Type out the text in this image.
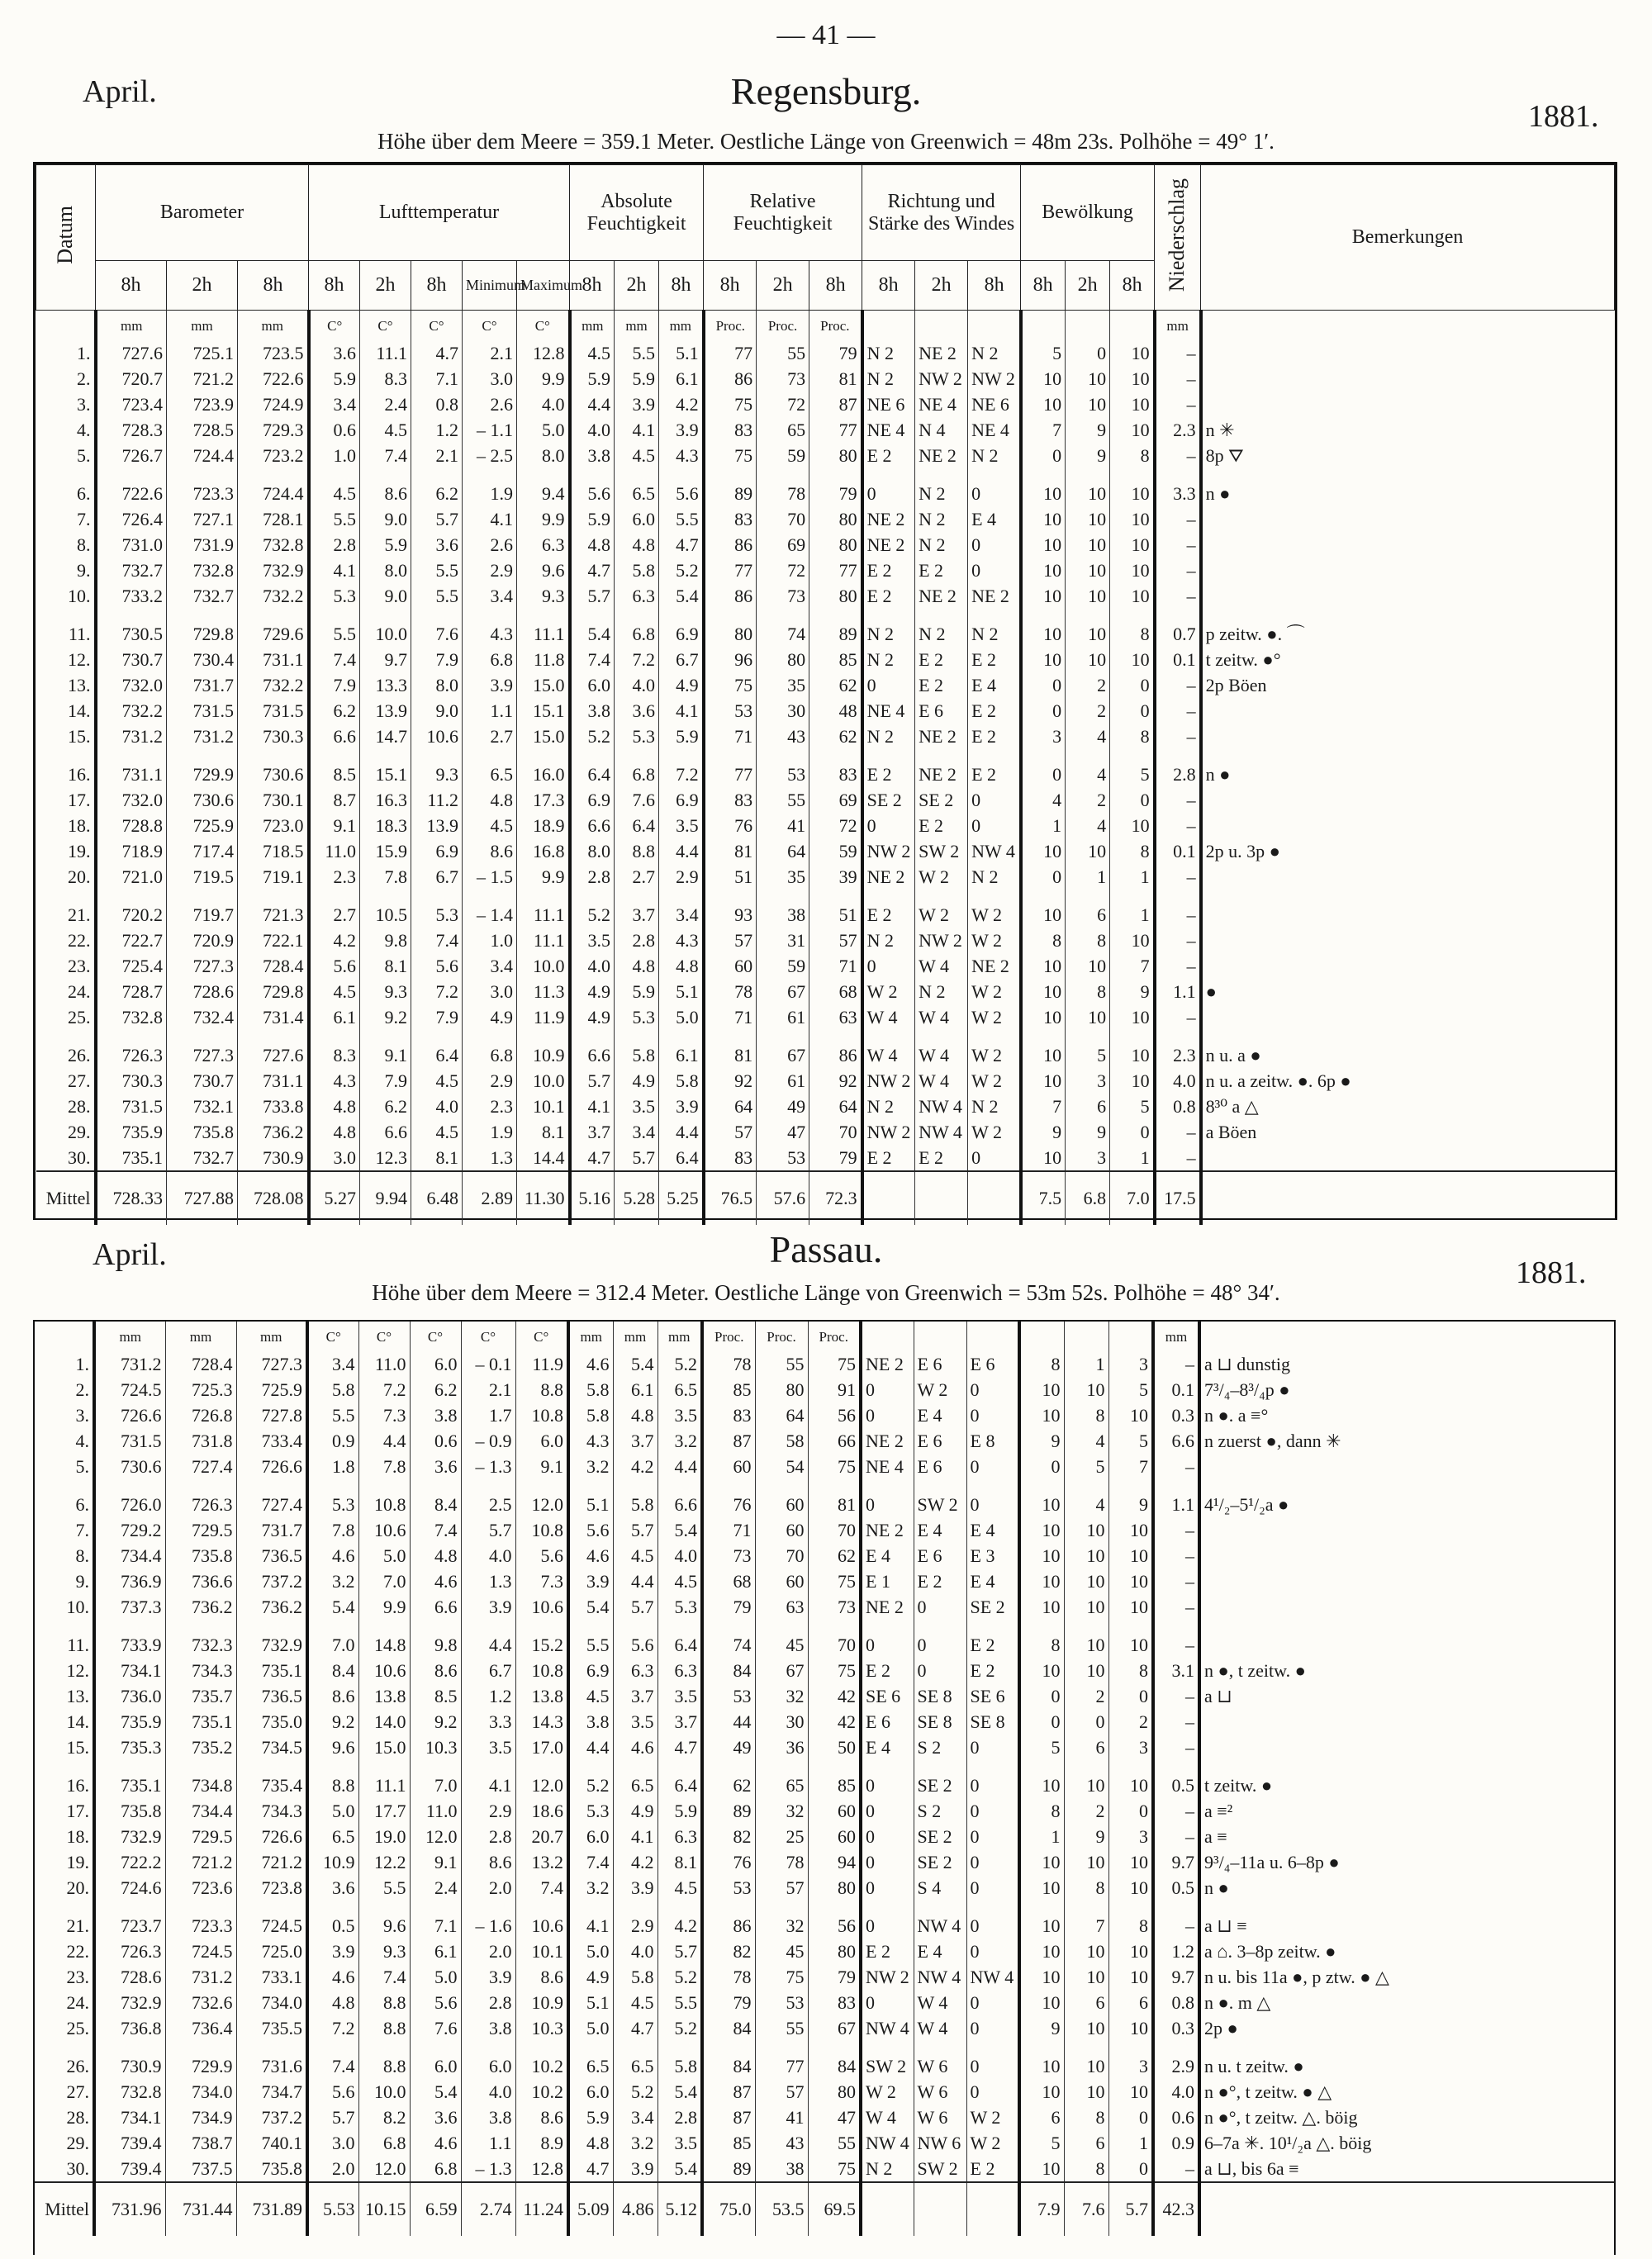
— 41 —
April.	Regensburg.
1881.
Höhe über dem Meere = 359.1 Meter. Oestliche Länge von Greenwich = 48m 23s. Polhöhe = 49° 1′.
Datum	Barometer			Lufttemperatur					Absolute Feuchtigkeit			Relative Feuchtigkeit			Richtung und Stärke des Windes			Bewölkung			Niederschlag	Bemerkungen
	8h	2h	8h	8h	2h	8h	Minimum	Maximum	8h	2h	8h	8h	2h	8h	8h	2h	8h	8h	2h	8h		
	mm	mm	mm	C°	C°	C°	C°	C°	mm	mm	mm	Proc.	Proc.	Proc.							mm	
1.	727.6	725.1	723.5	3.6	11.1	4.7	2.1	12.8	4.5	5.5	5.1	77	55	79	N 2	NE 2	N 2	5	0	10	–	
2.	720.7	721.2	722.6	5.9	8.3	7.1	3.0	9.9	5.9	5.9	6.1	86	73	81	N 2	NW 2	NW 2	10	10	10	–	
3.	723.4	723.9	724.9	3.4	2.4	0.8	2.6	4.0	4.4	3.9	4.2	75	72	87	NE 6	NE 4	NE 6	10	10	10	–	
4.	728.3	728.5	729.3	0.6	4.5	1.2	– 1.1	5.0	4.0	4.1	3.9	83	65	77	NE 4	N 4	NE 4	7	9	10	2.3	n ✳
5.	726.7	724.4	723.2	1.0	7.4	2.1	– 2.5	8.0	3.8	4.5	4.3	75	59	80	E 2	NE 2	N 2	0	9	8	–	8p ⛛

6.	722.6	723.3	724.4	4.5	8.6	6.2	1.9	9.4	5.6	6.5	5.6	89	78	79	0	N 2	0	10	10	10	3.3	n ●
7.	726.4	727.1	728.1	5.5	9.0	5.7	4.1	9.9	5.9	6.0	5.5	83	70	80	NE 2	N 2	E 4	10	10	10	–	
8.	731.0	731.9	732.8	2.8	5.9	3.6	2.6	6.3	4.8	4.8	4.7	86	69	80	NE 2	N 2	0	10	10	10	–	
9.	732.7	732.8	732.9	4.1	8.0	5.5	2.9	9.6	4.7	5.8	5.2	77	72	77	E 2	E 2	0	10	10	10	–	
10.	733.2	732.7	732.2	5.3	9.0	5.5	3.4	9.3	5.7	6.3	5.4	86	73	80	E 2	NE 2	NE 2	10	10	10	–	

11.	730.5	729.8	729.6	5.5	10.0	7.6	4.3	11.1	5.4	6.8	6.9	80	74	89	N 2	N 2	N 2	10	10	8	0.7	p zeitw. ●. ⌒
12.	730.7	730.4	731.1	7.4	9.7	7.9	6.8	11.8	7.4	7.2	6.7	96	80	85	N 2	E 2	E 2	10	10	10	0.1	t zeitw. ●°
13.	732.0	731.7	732.2	7.9	13.3	8.0	3.9	15.0	6.0	4.0	4.9	75	35	62	0	E 2	E 4	0	2	0	–	2p Böen
14.	732.2	731.5	731.5	6.2	13.9	9.0	1.1	15.1	3.8	3.6	4.1	53	30	48	NE 4	E 6	E 2	0	2	0	–	
15.	731.2	731.2	730.3	6.6	14.7	10.6	2.7	15.0	5.2	5.3	5.9	71	43	62	N 2	NE 2	E 2	3	4	8	–	

16.	731.1	729.9	730.6	8.5	15.1	9.3	6.5	16.0	6.4	6.8	7.2	77	53	83	E 2	NE 2	E 2	0	4	5	2.8	n ●
17.	732.0	730.6	730.1	8.7	16.3	11.2	4.8	17.3	6.9	7.6	6.9	83	55	69	SE 2	SE 2	0	4	2	0	–	
18.	728.8	725.9	723.0	9.1	18.3	13.9	4.5	18.9	6.6	6.4	3.5	76	41	72	0	E 2	0	1	4	10	–	
19.	718.9	717.4	718.5	11.0	15.9	6.9	8.6	16.8	8.0	8.8	4.4	81	64	59	NW 2	SW 2	NW 4	10	10	8	0.1	2p u. 3p ●
20.	721.0	719.5	719.1	2.3	7.8	6.7	– 1.5	9.9	2.8	2.7	2.9	51	35	39	NE 2	W 2	N 2	0	1	1	–	

21.	720.2	719.7	721.3	2.7	10.5	5.3	– 1.4	11.1	5.2	3.7	3.4	93	38	51	E 2	W 2	W 2	10	6	1	–	
22.	722.7	720.9	722.1	4.2	9.8	7.4	1.0	11.1	3.5	2.8	4.3	57	31	57	N 2	NW 2	W 2	8	8	10	–	
23.	725.4	727.3	728.4	5.6	8.1	5.6	3.4	10.0	4.0	4.8	4.8	60	59	71	0	W 4	NE 2	10	10	7	–	
24.	728.7	728.6	729.8	4.5	9.3	7.2	3.0	11.3	4.9	5.9	5.1	78	67	68	W 2	N 2	W 2	10	8	9	1.1	●
25.	732.8	732.4	731.4	6.1	9.2	7.9	4.9	11.9	4.9	5.3	5.0	71	61	63	W 4	W 4	W 2	10	10	10	–	

26.	726.3	727.3	727.6	8.3	9.1	6.4	6.8	10.9	6.6	5.8	6.1	81	67	86	W 4	W 4	W 2	10	5	10	2.3	n u. a ●
27.	730.3	730.7	731.1	4.3	7.9	4.5	2.9	10.0	5.7	4.9	5.8	92	61	92	NW 2	W 4	W 2	10	3	10	4.0	n u. a zeitw. ●. 6p ●
28.	731.5	732.1	733.8	4.8	6.2	4.0	2.3	10.1	4.1	3.5	3.9	64	49	64	N 2	NW 4	N 2	7	6	5	0.8	8³⁰ a △
29.	735.9	735.8	736.2	4.8	6.6	4.5	1.9	8.1	3.7	3.4	4.4	57	47	70	NW 2	NW 4	W 2	9	9	0	–	a Böen
30.	735.1	732.7	730.9	3.0	12.3	8.1	1.3	14.4	4.7	5.7	6.4	83	53	79	E 2	E 2	0	10	3	1	–	
Mittel	728.33	727.88	728.08	5.27	9.94	6.48	2.89	11.30	5.16	5.28	5.25	76.5	57.6	72.3				7.5	6.8	7.0	17.5	
April.	Passau.
1881.
Höhe über dem Meere = 312.4 Meter. Oestliche Länge von Greenwich = 53m 52s. Polhöhe = 48° 34′.
	mm	mm	mm	C°	C°	C°	C°	C°	mm	mm	mm	Proc.	Proc.	Proc.							mm	
1.	731.2	728.4	727.3	3.4	11.0	6.0	– 0.1	11.9	4.6	5.4	5.2	78	55	75	NE 2	E 6	E 6	8	1	3	–	a ⊔ dunstig
2.	724.5	725.3	725.9	5.8	7.2	6.2	2.1	8.8	5.8	6.1	6.5	85	80	91	0	W 2	0	10	10	5	0.1	7³/₄–8³/₄p ●
3.	726.6	726.8	727.8	5.5	7.3	3.8	1.7	10.8	5.8	4.8	3.5	83	64	56	0	E 4	0	10	8	10	0.3	n ●. a ≡°
4.	731.5	731.8	733.4	0.9	4.4	0.6	– 0.9	6.0	4.3	3.7	3.2	87	58	66	NE 2	E 6	E 8	9	4	5	6.6	n zuerst ●, dann ✳
5.	730.6	727.4	726.6	1.8	7.8	3.6	– 1.3	9.1	3.2	4.2	4.4	60	54	75	NE 4	E 6	0	0	5	7	–	

6.	726.0	726.3	727.4	5.3	10.8	8.4	2.5	12.0	5.1	5.8	6.6	76	60	81	0	SW 2	0	10	4	9	1.1	4¹/₂–5¹/₂a ●
7.	729.2	729.5	731.7	7.8	10.6	7.4	5.7	10.8	5.6	5.7	5.4	71	60	70	NE 2	E 4	E 4	10	10	10	–	
8.	734.4	735.8	736.5	4.6	5.0	4.8	4.0	5.6	4.6	4.5	4.0	73	70	62	E 4	E 6	E 3	10	10	10	–	
9.	736.9	736.6	737.2	3.2	7.0	4.6	1.3	7.3	3.9	4.4	4.5	68	60	75	E 1	E 2	E 4	10	10	10	–	
10.	737.3	736.2	736.2	5.4	9.9	6.6	3.9	10.6	5.4	5.7	5.3	79	63	73	NE 2	0	SE 2	10	10	10	–	

11.	733.9	732.3	732.9	7.0	14.8	9.8	4.4	15.2	5.5	5.6	6.4	74	45	70	0	0	E 2	8	10	10	–	
12.	734.1	734.3	735.1	8.4	10.6	8.6	6.7	10.8	6.9	6.3	6.3	84	67	75	E 2	0	E 2	10	10	8	3.1	n ●, t zeitw. ●
13.	736.0	735.7	736.5	8.6	13.8	8.5	1.2	13.8	4.5	3.7	3.5	53	32	42	SE 6	SE 8	SE 6	0	2	0	–	a ⊔
14.	735.9	735.1	735.0	9.2	14.0	9.2	3.3	14.3	3.8	3.5	3.7	44	30	42	E 6	SE 8	SE 8	0	0	2	–	
15.	735.3	735.2	734.5	9.6	15.0	10.3	3.5	17.0	4.4	4.6	4.7	49	36	50	E 4	S 2	0	5	6	3	–	

16.	735.1	734.8	735.4	8.8	11.1	7.0	4.1	12.0	5.2	6.5	6.4	62	65	85	0	SE 2	0	10	10	10	0.5	t zeitw. ●
17.	735.8	734.4	734.3	5.0	17.7	11.0	2.9	18.6	5.3	4.9	5.9	89	32	60	0	S 2	0	8	2	0	–	a ≡²
18.	732.9	729.5	726.6	6.5	19.0	12.0	2.8	20.7	6.0	4.1	6.3	82	25	60	0	SE 2	0	1	9	3	–	a ≡
19.	722.2	721.2	721.2	10.9	12.2	9.1	8.6	13.2	7.4	4.2	8.1	76	78	94	0	SE 2	0	10	10	10	9.7	9³/₄–11a u. 6–8p ●
20.	724.6	723.6	723.8	3.6	5.5	2.4	2.0	7.4	3.2	3.9	4.5	53	57	80	0	S 4	0	10	8	10	0.5	n ●

21.	723.7	723.3	724.5	0.5	9.6	7.1	– 1.6	10.6	4.1	2.9	4.2	86	32	56	0	NW 4	0	10	7	8	–	a ⊔ ≡
22.	726.3	724.5	725.0	3.9	9.3	6.1	2.0	10.1	5.0	4.0	5.7	82	45	80	E 2	E 4	0	10	10	10	1.2	a ⌂. 3–8p zeitw. ●
23.	728.6	731.2	733.1	4.6	7.4	5.0	3.9	8.6	4.9	5.8	5.2	78	75	79	NW 2	NW 4	NW 4	10	10	10	9.7	n u. bis 11a ●, p ztw. ● △
24.	732.9	732.6	734.0	4.8	8.8	5.6	2.8	10.9	5.1	4.5	5.5	79	53	83	0	W 4	0	10	6	6	0.8	n ●. m △
25.	736.8	736.4	735.5	7.2	8.8	7.6	3.8	10.3	5.0	4.7	5.2	84	55	67	NW 4	W 4	0	9	10	10	0.3	2p ●

26.	730.9	729.9	731.6	7.4	8.8	6.0	6.0	10.2	6.5	6.5	5.8	84	77	84	SW 2	W 6	0	10	10	3	2.9	n u. t zeitw. ●
27.	732.8	734.0	734.7	5.6	10.0	5.4	4.0	10.2	6.0	5.2	5.4	87	57	80	W 2	W 6	0	10	10	10	4.0	n ●°, t zeitw. ● △
28.	734.1	734.9	737.2	5.7	8.2	3.6	3.8	8.6	5.9	3.4	2.8	87	41	47	W 4	W 6	W 2	6	8	0	0.6	n ●°, t zeitw. △. böig
29.	739.4	738.7	740.1	3.0	6.8	4.6	1.1	8.9	4.8	3.2	3.5	85	43	55	NW 4	NW 6	W 2	5	6	1	0.9	6–7a ✳. 10¹/₂a △. böig
30.	739.4	737.5	735.8	2.0	12.0	6.8	– 1.3	12.8	4.7	3.9	5.4	89	38	75	N 2	SW 2	E 2	10	8	0	–	a ⊔, bis 6a ≡
Mittel	731.96	731.44	731.89	5.53	10.15	6.59	2.74	11.24	5.09	4.86	5.12	75.0	53.5	69.5				7.9	7.6	5.7	42.3	
